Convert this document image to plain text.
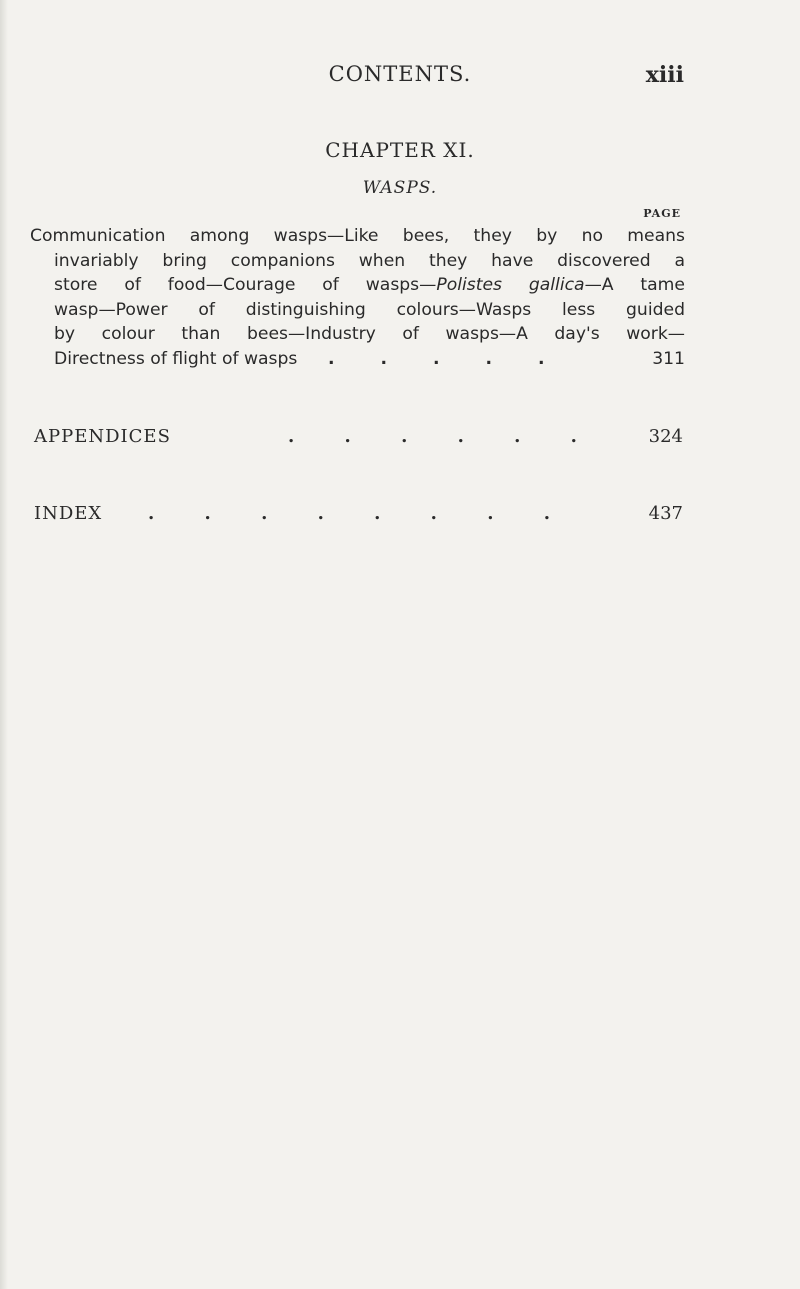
CONTENTS.	xiii
CHAPTER XI.
WASPS.
PAGE
Communication among wasps—Like bees, they by no means
invariably bring companions when they have discovered a
store of food—Courage of wasps—Polistes gallica—A tame
wasp—Power of distinguishing colours—Wasps less guided
by colour than bees—Industry of wasps—A day's work—
Directness of flight of wasps . . . . .	311
APPENDICES	. . . . . .	324
INDEX	. . . . . . . .	437
